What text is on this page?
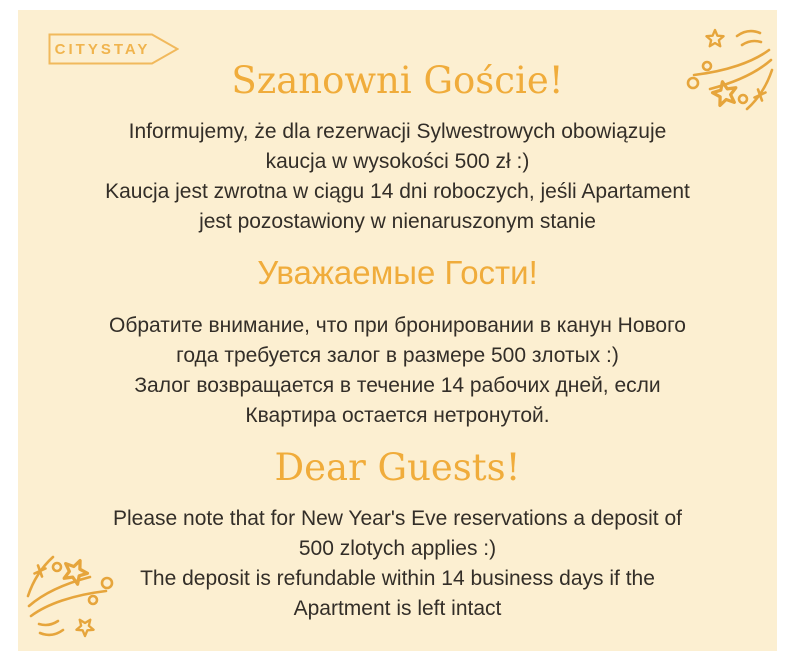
CITYSTAY
Szanowni Goście!
Informujemy, że dla rezerwacji Sylwestrowych obowiązuje
kaucja w wysokości 500 zł :)
Kaucja jest zwrotna w ciągu 14 dni roboczych, jeśli Apartament
jest pozostawiony w nienaruszonym stanie
Уважаемые Гости!
Обратите внимание, что при бронировании в канун Нового
года требуется залог в размере 500 злотых :)
Залог возвращается в течение 14 рабочих дней, если
Квартира остается нетронутой.
Dear Guests!
Please note that for New Year's Eve reservations a deposit of
500 zlotych applies :)
The deposit is refundable within 14 business days if the
Apartment is left intact
